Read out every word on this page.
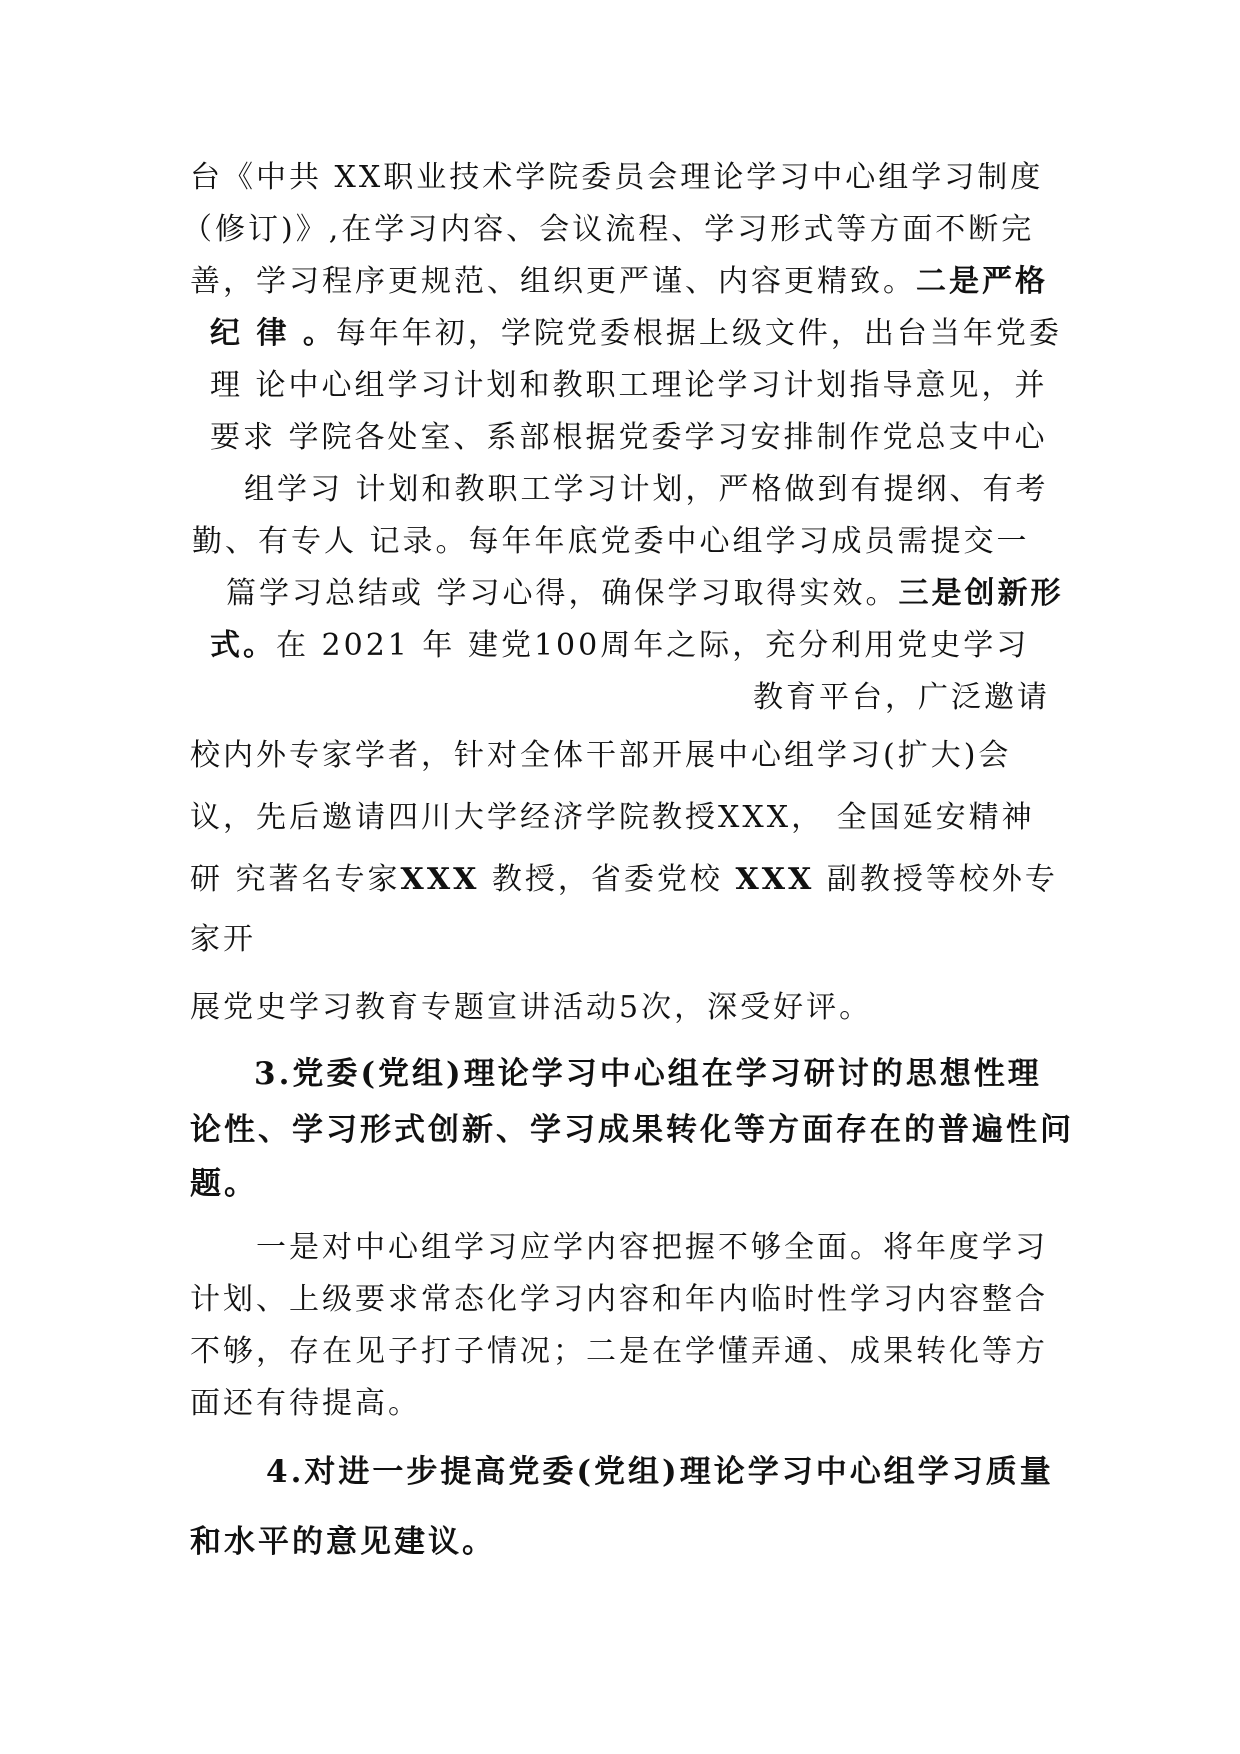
台《中共 XX职业技术学院委员会理论学习中心组学习制度
（修订)》,在学习内容、会议流程、学习形式等方面不断完
善，学习程序更规范、组织更严谨、内容更精致。二是严格
纪 律 。每年年初，学院党委根据上级文件，出台当年党委
理 论中心组学习计划和教职工理论学习计划指导意见，并
要求 学院各处室、系部根据党委学习安排制作党总支中心
组学习 计划和教职工学习计划，严格做到有提纲、有考
勤、有专人 记录。每年年底党委中心组学习成员需提交一
篇学习总结或 学习心得，确保学习取得实效。三是创新形
式。在 2021 年 建党100周年之际，充分利用党史学习
教育平台，广泛邀请
校内外专家学者，针对全体干部开展中心组学习(扩大)会
议，先后邀请四川大学经济学院教授XXX， 全国延安精神
研 究著名专家XXX 教授，省委党校 XXX 副教授等校外专
家开
展党史学习教育专题宣讲活动5次，深受好评。
3.党委(党组)理论学习中心组在学习研讨的思想性理
论性、学习形式创新、学习成果转化等方面存在的普遍性问
题。
一是对中心组学习应学内容把握不够全面。将年度学习
计划、上级要求常态化学习内容和年内临时性学习内容整合
不够，存在见子打子情况；二是在学懂弄通、成果转化等方
面还有待提高。
4.对进一步提高党委(党组)理论学习中心组学习质量
和水平的意见建议。
